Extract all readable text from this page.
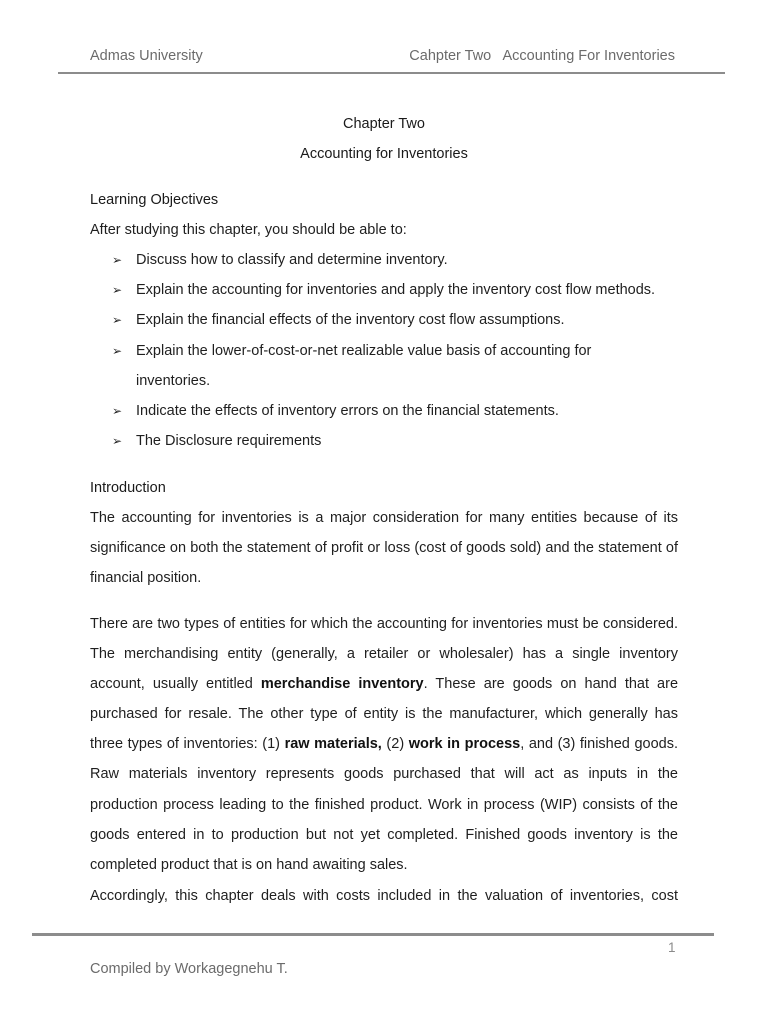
Admas University	Cahpter Two   Accounting For Inventories
Chapter Two
Accounting for Inventories
Learning Objectives
After studying this chapter, you should be able to:
➢ Discuss how to classify and determine inventory.
➢ Explain the accounting for inventories and apply the inventory cost flow methods.
➢ Explain the financial effects of the inventory cost flow assumptions.
➢ Explain the lower-of-cost-or-net realizable value basis of accounting for
inventories.
➢ Indicate the effects of inventory errors on the financial statements.
➢ The Disclosure requirements
Introduction
The accounting for inventories is a major consideration for many entities because of its significance on both the statement of profit or loss (cost of goods sold) and the statement of financial position.
There are two types of entities for which the accounting for inventories must be considered. The merchandising entity (generally, a retailer or wholesaler) has a single inventory account, usually entitled merchandise inventory. These are goods on hand that are purchased for resale. The other type of entity is the manufacturer, which generally has three types of inventories: (1) raw materials, (2) work in process, and (3) finished goods. Raw materials inventory represents goods purchased that will act as inputs in the production process leading to the finished product. Work in process (WIP) consists of the goods entered in to production but not yet completed. Finished goods inventory is the completed product that is on hand awaiting sales.
Accordingly, this chapter deals with costs included in the valuation of inventories, cost
1
Compiled by Workagegnehu T.
